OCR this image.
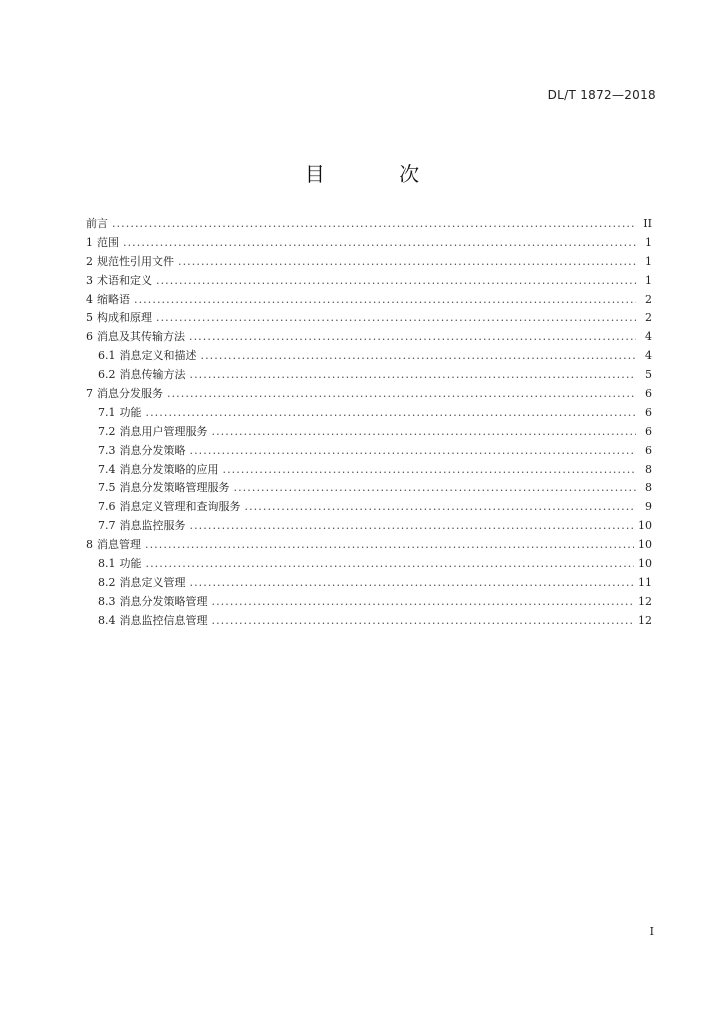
DL/T 1872—2018
目 次
前言 . . .	II
1 范围 . . .	1
2 规范性引用文件 . . .	1
3 术语和定义 . . .	1
4 缩略语 . . .	2
5 构成和原理 . . .	2
6 消息及其传输方法 . . .	4
6.1 消息定义和描述 . . .	4
6.2 消息传输方法 . . .	5
7 消息分发服务 . . .	6
7.1 功能 . . .	6
7.2 消息用户管理服务 . . .	6
7.3 消息分发策略 . . .	6
7.4 消息分发策略的应用 . . .	8
7.5 消息分发策略管理服务 . . .	8
7.6 消息定义管理和查询服务 . . .	9
7.7 消息监控服务 . . .	10
8 消息管理 . . .	10
8.1 功能 . . .	10
8.2 消息定义管理 . . .	11
8.3 消息分发策略管理 . . .	12
8.4 消息监控信息管理 . . .	12
I
